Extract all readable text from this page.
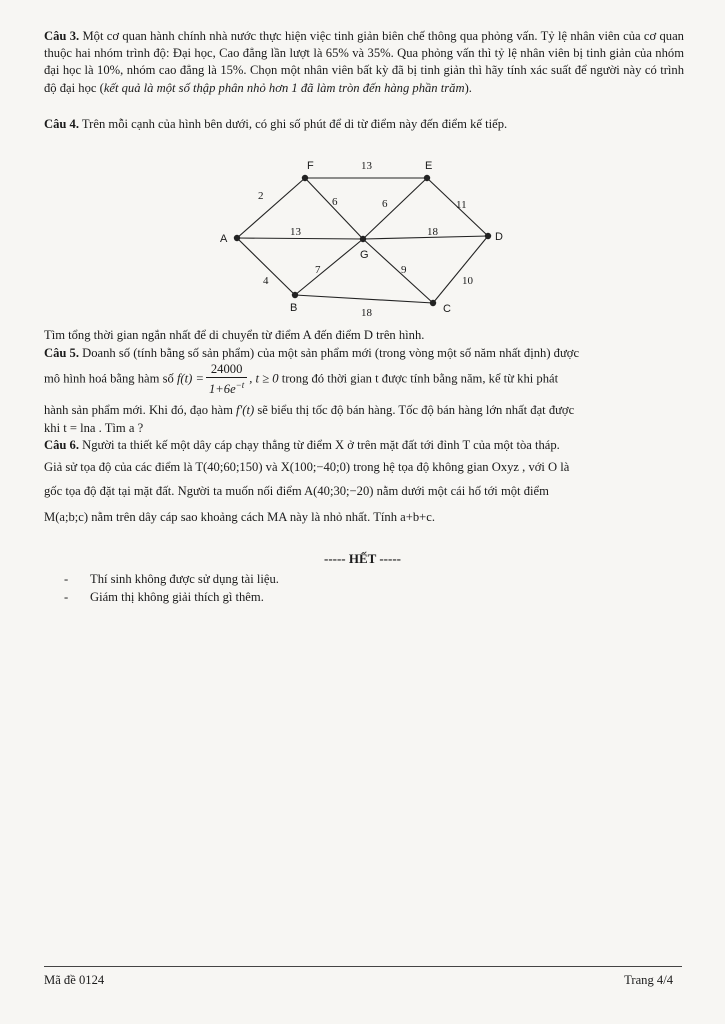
Câu 3. Một cơ quan hành chính nhà nước thực hiện việc tinh giản biên chế thông qua phỏng vấn. Tỷ lệ nhân viên của cơ quan thuộc hai nhóm trình độ: Đại học, Cao đẳng lần lượt là 65% và 35%. Qua phỏng vấn thì tỷ lệ nhân viên bị tinh giản của nhóm đại học là 10%, nhóm cao đẳng là 15%. Chọn một nhân viên bất kỳ đã bị tinh giản thì hãy tính xác suất để người này có trình độ đại học (kết quả là một số thập phân nhỏ hơn 1 đã làm tròn đến hàng phần trăm).
Câu 4. Trên mỗi cạnh của hình bên dưới, có ghi số phút để di từ điểm này đến điểm kế tiếp.
A
B	C
D
E
F
G
2
13
6	6	11
13	18
4
7	9
10
18
Tìm tổng thời gian ngắn nhất để di chuyển từ điểm A đến điểm D trên hình.
Câu 5. Doanh số (tính bằng số sản phẩm) của một sản phẩm mới (trong vòng một số năm nhất định) được
mô hình hoá bằng hàm số $f(t) = \frac{24000}{1+6e^{-t}}$ , t ≥ 0 trong đó thời gian t được tính bằng năm, kể từ khi phát
hành sản phẩm mới. Khi đó, đạo hàm f′(t) sẽ biểu thị tốc độ bán hàng. Tốc độ bán hàng lớn nhất đạt được
khi t = lna . Tìm a ?
Câu 6. Người ta thiết kế một dây cáp chạy thẳng từ điểm X ở trên mặt đất tới đỉnh T của một tòa tháp.
Giả sử tọa độ của các điểm là T(40;60;150) và X(100;−40;0) trong hệ tọa độ không gian Oxyz , với O là
gốc tọa độ đặt tại mặt đất. Người ta muốn nối điểm A(40;30;−20) nằm dưới một cái hố tới một điểm
M(a;b;c) nằm trên dây cáp sao khoảng cách MA này là nhỏ nhất. Tính a+b+c.
----- HẾT -----
- Thí sinh không được sử dụng tài liệu.
- Giám thị không giải thích gì thêm.
Mã đề 0124	Trang 4/4
